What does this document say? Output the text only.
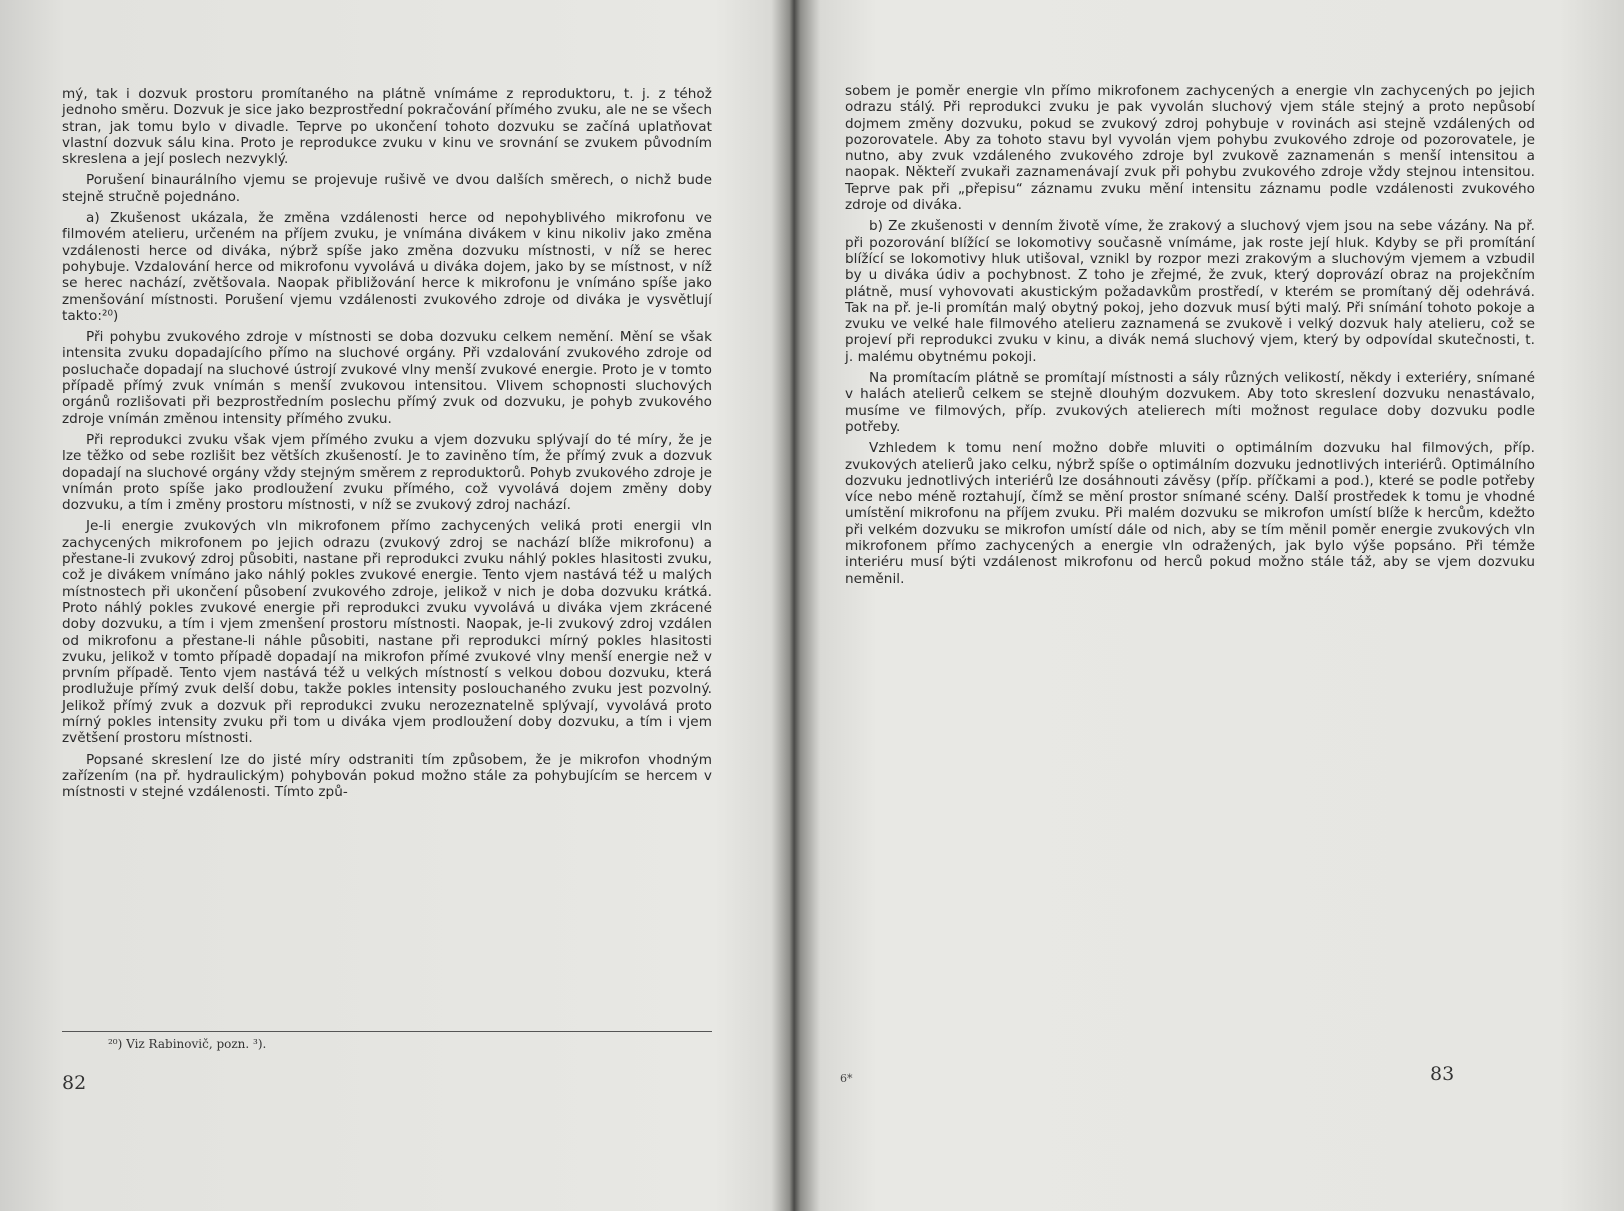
mý, tak i dozvuk prostoru promítaného na plátně vnímáme z reproduktoru, t. j. z téhož jednoho směru. Dozvuk je sice jako bezprostřední pokračování přímého zvuku, ale ne se všech stran, jak tomu bylo v divadle. Teprve po ukončení tohoto dozvuku se začíná uplatňovat vlastní dozvuk sálu kina. Proto je reprodukce zvuku v kinu ve srovnání se zvukem původním skreslena a její poslech nezvyklý.

Porušení binaurálního vjemu se projevuje rušivě ve dvou dalších směrech, o nichž bude stejně stručně pojednáno.

a) Zkušenost ukázala, že změna vzdálenosti herce od nepohyblivého mikrofonu ve filmovém atelieru, určeném na příjem zvuku, je vnímána divákem v kinu nikoliv jako změna vzdálenosti herce od diváka, nýbrž spíše jako změna dozvuku místnosti, v níž se herec pohybuje. Vzdalování herce od mikrofonu vyvolává u diváka dojem, jako by se místnost, v níž se herec nachází, zvětšovala. Naopak přibližování herce k mikrofonu je vnímáno spíše jako zmenšování místnosti. Porušení vjemu vzdálenosti zvukového zdroje od diváka je vysvětlují takto:²⁰)

Při pohybu zvukového zdroje v místnosti se doba dozvuku celkem nemění. Mění se však intensita zvuku dopadajícího přímo na sluchové orgány. Při vzdalování zvukového zdroje od posluchače dopadají na sluchové ústrojí zvukové vlny menší zvukové energie. Proto je v tomto případě přímý zvuk vnímán s menší zvukovou intensitou. Vlivem schopnosti sluchových orgánů rozlišovati při bezprostředním poslechu přímý zvuk od dozvuku, je pohyb zvukového zdroje vnímán změnou intensity přímého zvuku.

Při reprodukci zvuku však vjem přímého zvuku a vjem dozvuku splývají do té míry, že je lze těžko od sebe rozlišit bez větších zkušeností. Je to zaviněno tím, že přímý zvuk a dozvuk dopadají na sluchové orgány vždy stejným směrem z reproduktorů. Pohyb zvukového zdroje je vnímán proto spíše jako prodloužení zvuku přímého, což vyvolává dojem změny doby dozvuku, a tím i změny prostoru místnosti, v níž se zvukový zdroj nachází.

Je-li energie zvukových vln mikrofonem přímo zachycených veliká proti energii vln zachycených mikrofonem po jejich odrazu (zvukový zdroj se nachází blíže mikrofonu) a přestane-li zvukový zdroj působiti, nastane při reprodukci zvuku náhlý pokles hlasitosti zvuku, což je divákem vnímáno jako náhlý pokles zvukové energie. Tento vjem nastává též u malých místnostech při ukončení působení zvukového zdroje, jelikož v nich je doba dozvuku krátká. Proto náhlý pokles zvukové energie při reprodukci zvuku vyvolává u diváka vjem zkrácené doby dozvuku, a tím i vjem zmenšení prostoru místnosti. Naopak, je-li zvukový zdroj vzdálen od mikrofonu a přestane-li náhle působiti, nastane při reprodukci mírný pokles hlasitosti zvuku, jelikož v tomto případě dopadají na mikrofon přímé zvukové vlny menší energie než v prvním případě. Tento vjem nastává též u velkých místností s velkou dobou dozvuku, která prodlužuje přímý zvuk delší dobu, takže pokles intensity poslouchaného zvuku jest pozvolný. Jelikož přímý zvuk a dozvuk při reprodukci zvuku nerozeznatelně splývají, vyvolává proto mírný pokles intensity zvuku při tom u diváka vjem prodloužení doby dozvuku, a tím i vjem zvětšení prostoru místnosti.

Popsané skreslení lze do jisté míry odstraniti tím způsobem, že je mikrofon vhodným zařízením (na př. hydraulickým) pohybován pokud možno stále za pohybujícím se hercem v místnosti v stejné vzdálenosti. Tímto způ-

²⁰) Viz Rabinovič, pozn. ³).
82

sobem je poměr energie vln přímo mikrofonem zachycených a energie vln zachycených po jejich odrazu stálý. Při reprodukci zvuku je pak vyvolán sluchový vjem stále stejný a proto nepůsobí dojmem změny dozvuku, pokud se zvukový zdroj pohybuje v rovinách asi stejně vzdálených od pozorovatele. Aby za tohoto stavu byl vyvolán vjem pohybu zvukového zdroje od pozorovatele, je nutno, aby zvuk vzdáleného zvukového zdroje byl zvukově zaznamenán s menší intensitou a naopak. Někteří zvukaři zaznamenávají zvuk při pohybu zvukového zdroje vždy stejnou intensitou. Teprve pak při „přepisu“ záznamu zvuku mění intensitu záznamu podle vzdálenosti zvukového zdroje od diváka.

b) Ze zkušenosti v denním životě víme, že zrakový a sluchový vjem jsou na sebe vázány. Na př. při pozorování blížící se lokomotivy současně vnímáme, jak roste její hluk. Kdyby se při promítání blížící se lokomotivy hluk utišoval, vznikl by rozpor mezi zrakovým a sluchovým vjemem a vzbudil by u diváka údiv a pochybnost. Z toho je zřejmé, že zvuk, který doprovází obraz na projekčním plátně, musí vyhovovati akustickým požadavkům prostředí, v kterém se promítaný děj odehrává. Tak na př. je-li promítán malý obytný pokoj, jeho dozvuk musí býti malý. Při snímání tohoto pokoje a zvuku ve velké hale filmového atelieru zaznamená se zvukově i velký dozvuk haly atelieru, což se projeví při reprodukci zvuku v kinu, a divák nemá sluchový vjem, který by odpovídal skutečnosti, t. j. malému obytnému pokoji.

Na promítacím plátně se promítají místnosti a sály různých velikostí, někdy i exteriéry, snímané v halách atelierů celkem se stejně dlouhým dozvukem. Aby toto skreslení dozvuku nenastávalo, musíme ve filmových, příp. zvukových atelierech míti možnost regulace doby dozvuku podle potřeby.

Vzhledem k tomu není možno dobře mluviti o optimálním dozvuku hal filmových, příp. zvukových atelierů jako celku, nýbrž spíše o optimálním dozvuku jednotlivých interiérů. Optimálního dozvuku jednotlivých interiérů lze dosáhnouti závěsy (příp. příčkami a pod.), které se podle potřeby více nebo méně roztahují, čímž se mění prostor snímané scény. Další prostředek k tomu je vhodné umístění mikrofonu na příjem zvuku. Při malém dozvuku se mikrofon umístí blíže k hercům, kdežto při velkém dozvuku se mikrofon umístí dále od nich, aby se tím měnil poměr energie zvukových vln mikrofonem přímo zachycených a energie vln odražených, jak bylo výše popsáno. Při témže interiéru musí býti vzdálenost mikrofonu od herců pokud možno stále táž, aby se vjem dozvuku neměnil.

6*	83
